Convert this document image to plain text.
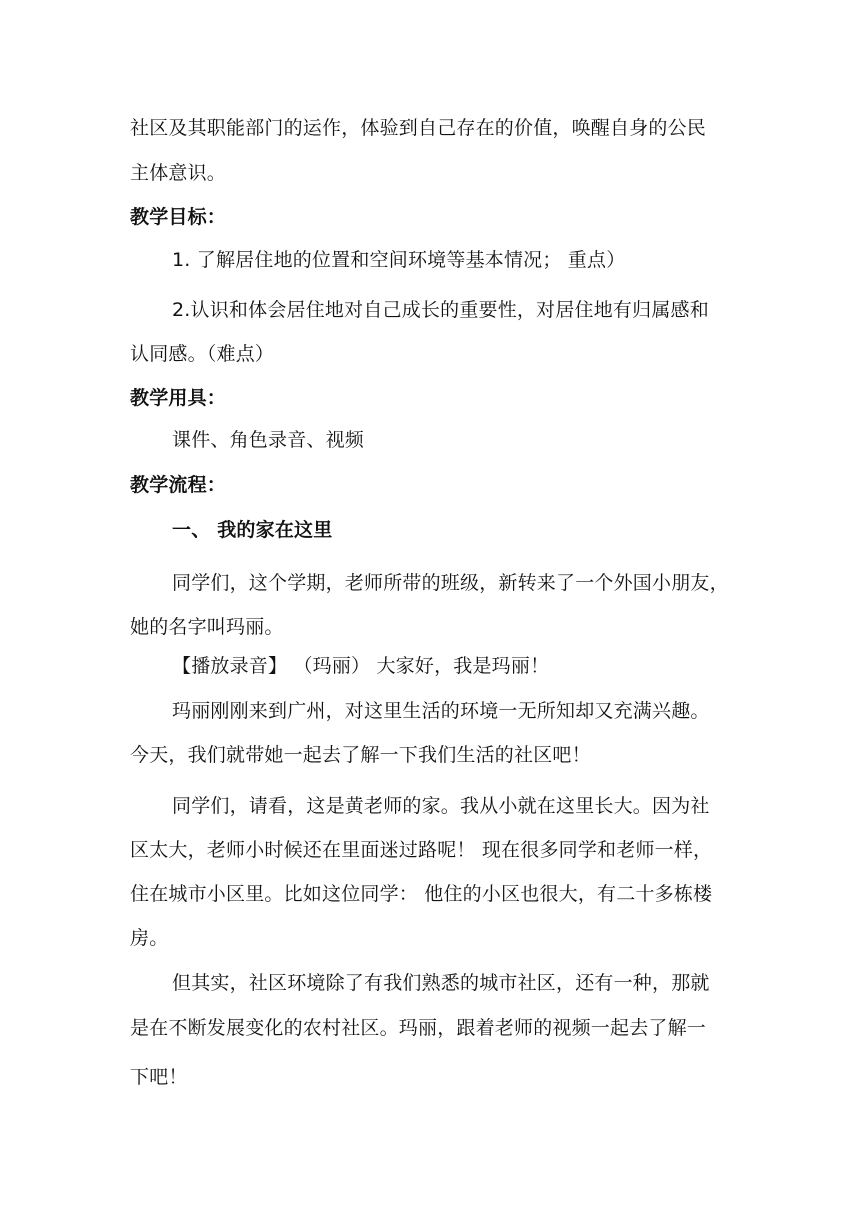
社区及其职能部门的运作，体验到自己存在的价值，唤醒自身的公民
主体意识。
教学目标：
1. 了解居住地的位置和空间环境等基本情况； 重点）
2.认识和体会居住地对自己成长的重要性，对居住地有归属感和
认同感。（难点）
教学用具：
课件、角色录音、视频
教学流程：
一、 我的家在这里
同学们，这个学期，老师所带的班级，新转来了一个外国小朋友，
她的名字叫玛丽。
【播放录音】 （玛丽） 大家好，我是玛丽！
玛丽刚刚来到广州，对这里生活的环境一无所知却又充满兴趣。
今天，我们就带她一起去了解一下我们生活的社区吧！
同学们，请看，这是黄老师的家。我从小就在这里长大。因为社
区太大，老师小时候还在里面迷过路呢！ 现在很多同学和老师一样，
住在城市小区里。比如这位同学： 他住的小区也很大，有二十多栋楼
房。
但其实，社区环境除了有我们熟悉的城市社区，还有一种，那就
是在不断发展变化的农村社区。玛丽，跟着老师的视频一起去了解一
下吧！
